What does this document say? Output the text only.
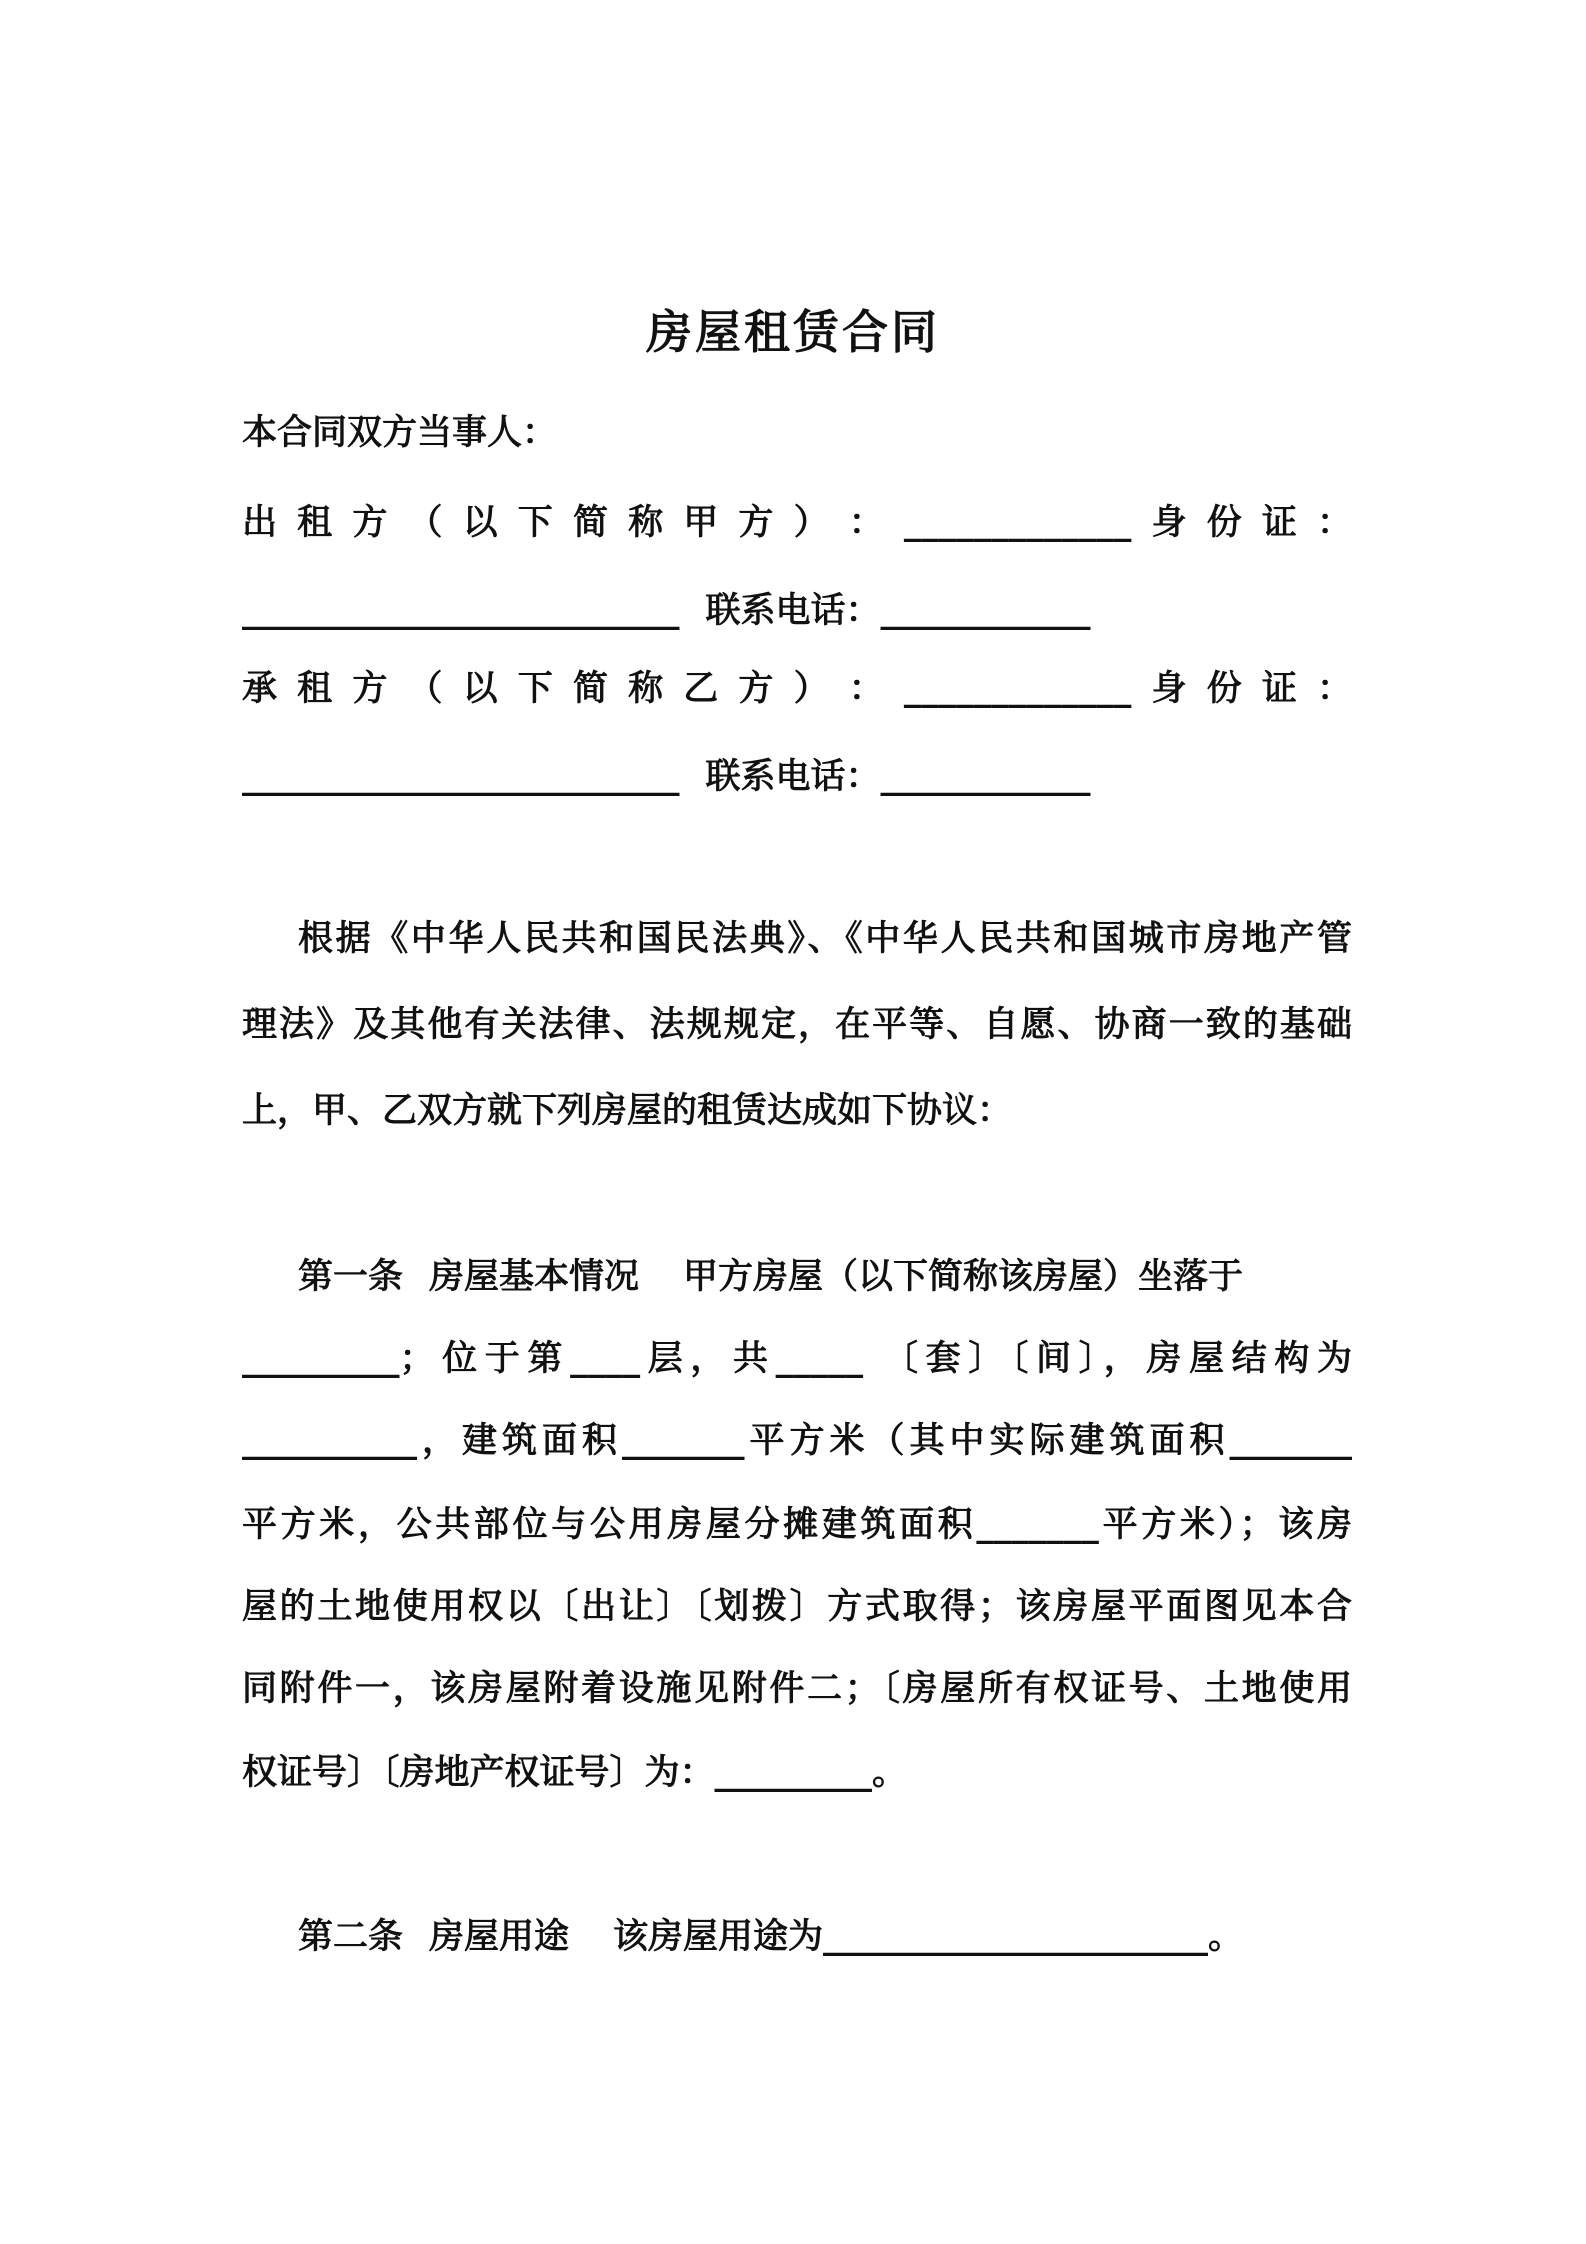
房屋租赁合同
本合同双方当事人：
出 租 方 （ 以 下 简 称 甲 方 ） ： _____________ 身 份 证 ：
_________________________ 联系电话：____________
承 租 方 （ 以 下 简 称 乙 方 ） ： _____________ 身 份 证 ：
_________________________ 联系电话：____________
根据《中华人民共和国民法典》、《中华人民共和国城市房地产管
理法》及其他有关法律、法规规定，在平等、自愿、协商一致的基础
上，甲、乙双方就下列房屋的租赁达成如下协议：
第一条 房屋基本情况 甲方房屋（以下简称该房屋）坐落于
_________；位于第____层，共_____ 〔套〕〔间〕，房屋结构为
__________，建筑面积_______平方米（其中实际建筑面积_______
平方米，公共部位与公用房屋分摊建筑面积_______平方米）；该房
屋的土地使用权以〔出让〕〔划拨〕方式取得；该房屋平面图见本合
同附件一，该房屋附着设施见附件二；〔房屋所有权证号、土地使用
权证号〕〔房地产权证号〕为：_________。
第二条 房屋用途 该房屋用途为______________________。
